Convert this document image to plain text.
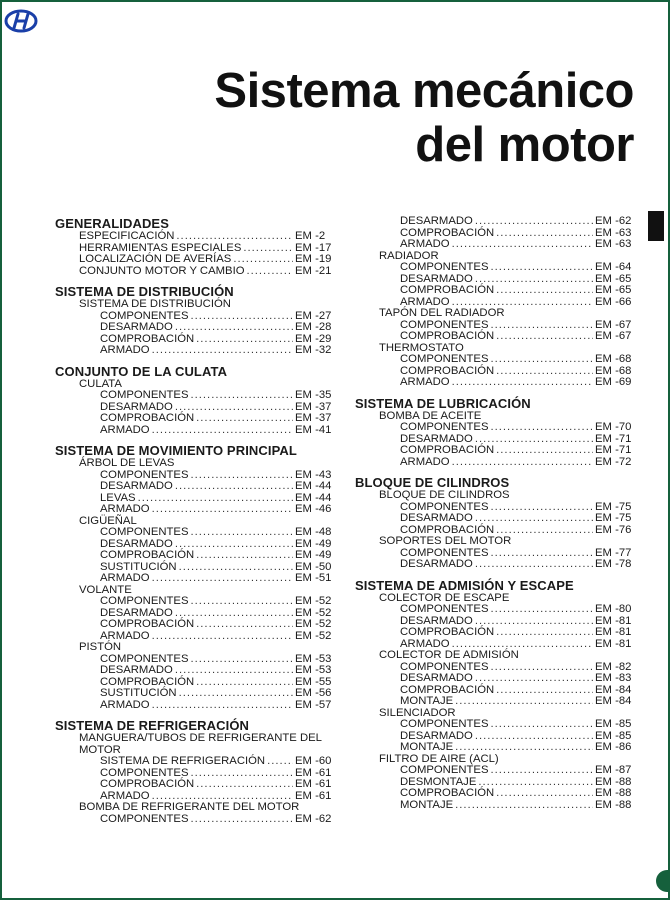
Sistema mecánico
del motor
GENERALIDADES
ESPECIFICACIÓN .....	EM -2
HERRAMIENTAS ESPECIALES .....	EM -17
LOCALIZACIÓN DE AVERÍAS .....	EM -19
CONJUNTO MOTOR Y CAMBIO .....	EM -21
SISTEMA DE DISTRIBUCIÓN
SISTEMA DE DISTRIBUCIÓN
COMPONENTES .....	EM -27
DESARMADO .....	EM -28
COMPROBACIÓN .....	EM -29
ARMADO .....	EM -32
CONJUNTO DE LA CULATA
CULATA
COMPONENTES .....	EM -35
DESARMADO .....	EM -37
COMPROBACIÓN .....	EM -37
ARMADO .....	EM -41
SISTEMA DE MOVIMIENTO PRINCIPAL
ÁRBOL DE LEVAS
COMPONENTES .....	EM -43
DESARMADO .....	EM -44
LEVAS .....	EM -44
ARMADO .....	EM -46
CIGÜEÑAL
COMPONENTES .....	EM -48
DESARMADO .....	EM -49
COMPROBACIÓN .....	EM -49
SUSTITUCIÓN .....	EM -50
ARMADO .....	EM -51
VOLANTE
COMPONENTES .....	EM -52
DESARMADO .....	EM -52
COMPROBACIÓN .....	EM -52
ARMADO .....	EM -52
PISTÓN
COMPONENTES .....	EM -53
DESARMADO .....	EM -53
COMPROBACIÓN .....	EM -55
SUSTITUCIÓN .....	EM -56
ARMADO .....	EM -57
SISTEMA DE REFRIGERACIÓN
MANGUERA/TUBOS DE REFRIGERANTE DEL
MOTOR
SISTEMA DE REFRIGERACIÓN .....	EM -60
COMPONENTES .....	EM -61
COMPROBACIÓN .....	EM -61
ARMADO .....	EM -61
BOMBA DE REFRIGERANTE DEL MOTOR
COMPONENTES .....	EM -62
DESARMADO .....	EM -62
COMPROBACIÓN .....	EM -63
ARMADO .....	EM -63
RADIADOR
COMPONENTES .....	EM -64
DESARMADO .....	EM -65
COMPROBACIÓN .....	EM -65
ARMADO .....	EM -66
TAPÓN DEL RADIADOR
COMPONENTES .....	EM -67
COMPROBACIÓN .....	EM -67
THERMOSTATO
COMPONENTES .....	EM -68
COMPROBACIÓN .....	EM -68
ARMADO .....	EM -69
SISTEMA DE LUBRICACIÓN
BOMBA DE ACEITE
COMPONENTES .....	EM -70
DESARMADO .....	EM -71
COMPROBACIÓN .....	EM -71
ARMADO .....	EM -72
BLOQUE DE CILINDROS
BLOQUE DE CILINDROS
COMPONENTES .....	EM -75
DESARMADO .....	EM -75
COMPROBACIÓN .....	EM -76
SOPORTES DEL MOTOR
COMPONENTES .....	EM -77
DESARMADO .....	EM -78
SISTEMA DE ADMISIÓN Y ESCAPE
COLECTOR DE ESCAPE
COMPONENTES .....	EM -80
DESARMADO .....	EM -81
COMPROBACIÓN .....	EM -81
ARMADO .....	EM -81
COLECTOR DE ADMISIÓN
COMPONENTES .....	EM -82
DESARMADO .....	EM -83
COMPROBACIÓN .....	EM -84
MONTAJE .....	EM -84
SILENCIADOR
COMPONENTES .....	EM -85
DESARMADO .....	EM -85
MONTAJE .....	EM -86
FILTRO DE AIRE (ACL)
COMPONENTES .....	EM -87
DESMONTAJE .....	EM -88
COMPROBACIÓN .....	EM -88
MONTAJE .....	EM -88
